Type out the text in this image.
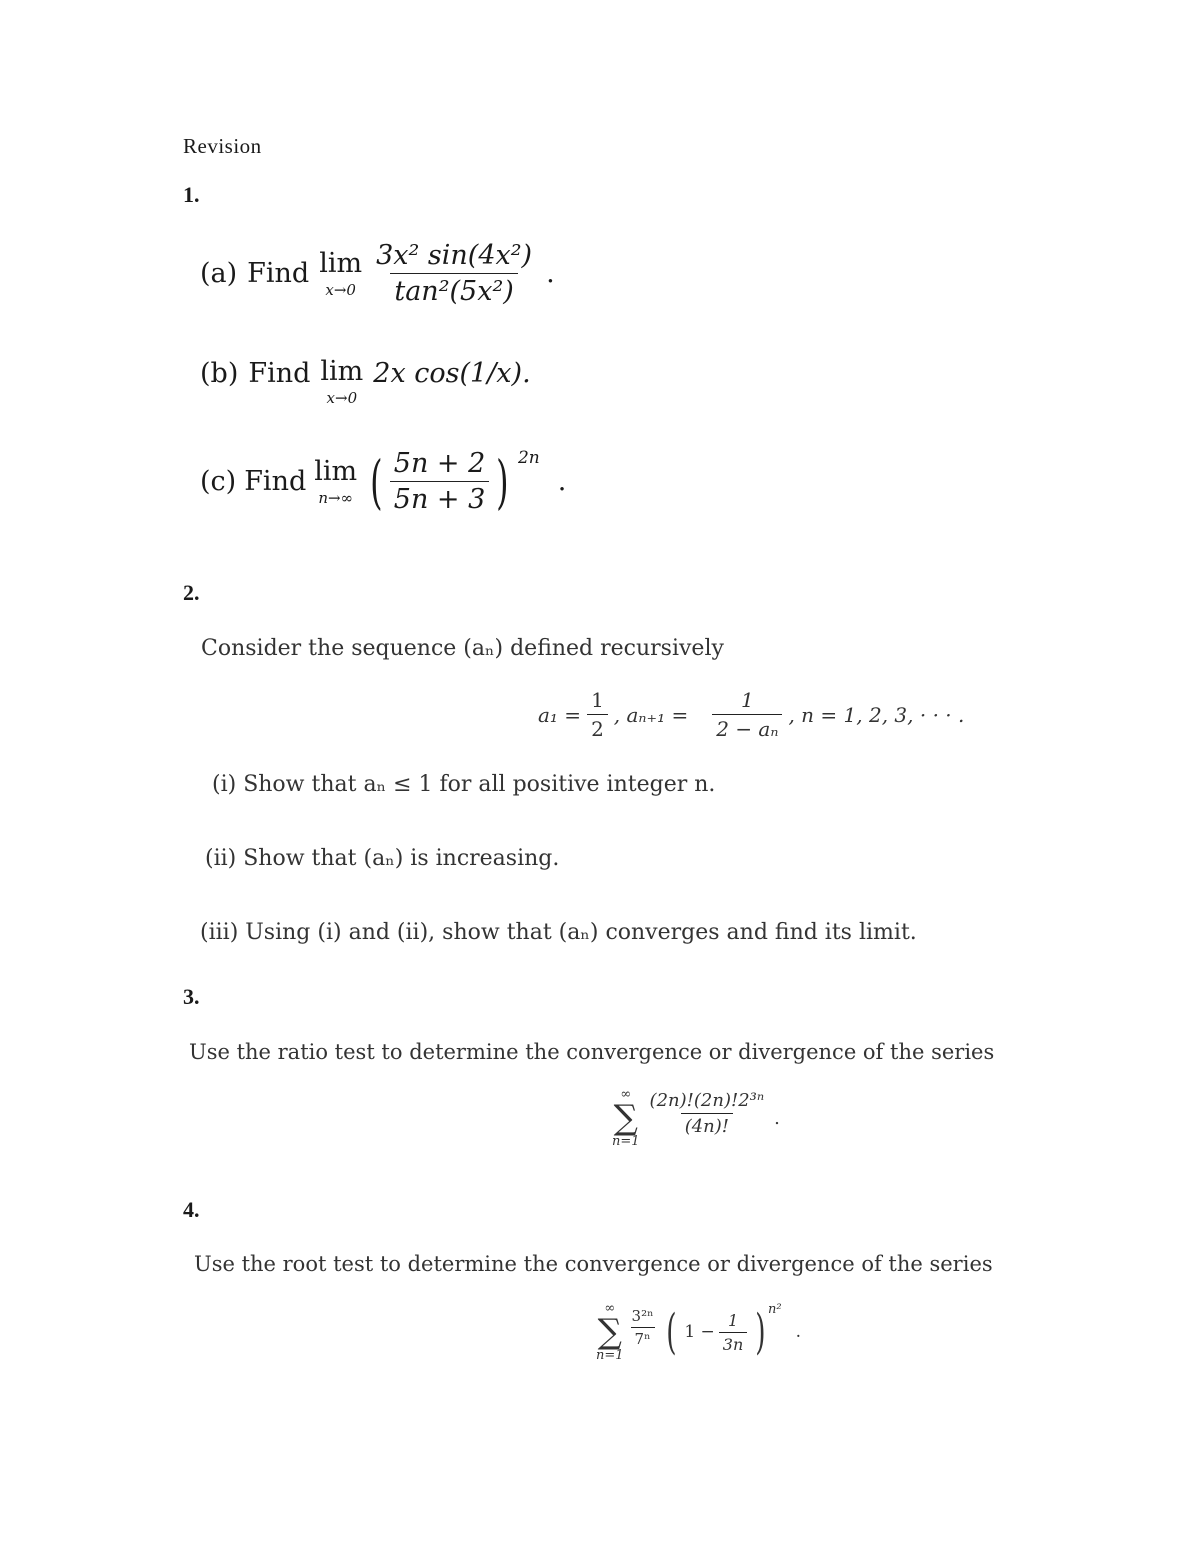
Revision
1.
(a) Find lim
$x\to 0 \frac{\text{3x² sin(4x²)}}{\text{tan²(5x²)}}$ .
(b) Find lim
x→0
2x cos(1/x).
(c) Find lim
n→∞ ( $\frac{5n + 2}{5n + 3}$ ) 2n
.
2.
Consider the sequence (aₙ) defined recursively
$a_1 = \frac{1}{2}$ , $a_{n+1} = \frac{1}{\text{2 − aₙ}}$ , n = 1, 2, 3, · · · .
(i) Show that aₙ ≤ 1 for all positive integer n.
(ii) Show that (aₙ) is increasing.
(iii) Using (i) and (ii), show that (aₙ) converges and find its limit.
3.
Use the ratio test to determine the convergence or divergence of the series
∞
∑
n=1
$\frac{\text{(2n)!(2n)!2³ⁿ}}{(4n)!}$ .
4.
Use the root test to determine the convergence or divergence of the series
∞
∑
n=1
$\frac{\text{3²ⁿ}}{\text{7ⁿ}}$ ( $1 - \frac{1}{3n}$ ) n²
.
